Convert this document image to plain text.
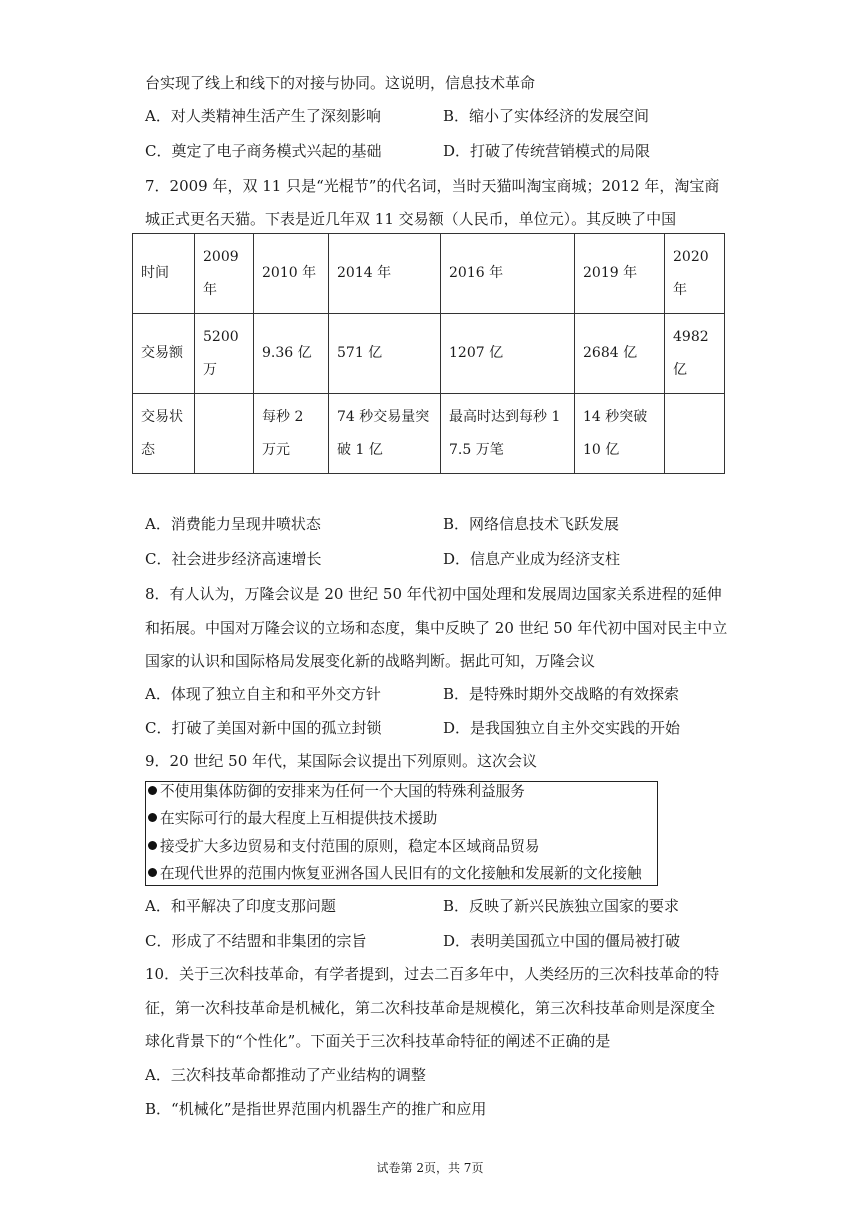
台实现了线上和线下的对接与协同。这说明，信息技术革命
A．对人类精神生活产生了深刻影响	B．缩小了实体经济的发展空间
C．奠定了电子商务模式兴起的基础	D．打破了传统营销模式的局限
7．2009 年，双 11 只是“光棍节”的代名词，当时天猫叫淘宝商城；2012 年，淘宝商
城正式更名天猫。下表是近几年双 11 交易额（人民币，单位元）。其反映了中国
时间	2009年	2010 年	2014 年	2016 年	2019 年	2020年
交易额	5200万	9.36 亿	571 亿	1207 亿	2684 亿	4982亿
交易状态		每秒 2 万元	74 秒交易量突破 1 亿	最高时达到每秒 17.5 万笔	14 秒突破 10 亿	
A．消费能力呈现井喷状态	B．网络信息技术飞跃发展
C．社会进步经济高速增长	D．信息产业成为经济支柱
8．有人认为，万隆会议是 20 世纪 50 年代初中国处理和发展周边国家关系进程的延伸
和拓展。中国对万隆会议的立场和态度，集中反映了 20 世纪 50 年代初中国对民主中立
国家的认识和国际格局发展变化新的战略判断。据此可知，万隆会议
A．体现了独立自主和和平外交方针	B．是特殊时期外交战略的有效探索
C．打破了美国对新中国的孤立封锁	D．是我国独立自主外交实践的开始
9．20 世纪 50 年代，某国际会议提出下列原则。这次会议
不使用集体防御的安排来为任何一个大国的特殊利益服务
在实际可行的最大程度上互相提供技术援助
接受扩大多边贸易和支付范围的原则，稳定本区域商品贸易
在现代世界的范围内恢复亚洲各国人民旧有的文化接触和发展新的文化接触
A．和平解决了印度支那问题	B．反映了新兴民族独立国家的要求
C．形成了不结盟和非集团的宗旨	D．表明美国孤立中国的僵局被打破
10．关于三次科技革命，有学者提到，过去二百多年中，人类经历的三次科技革命的特
征，第一次科技革命是机械化，第二次科技革命是规模化，第三次科技革命则是深度全
球化背景下的“个性化”。下面关于三次科技革命特征的阐述不正确的是
A．三次科技革命都推动了产业结构的调整
B．“机械化”是指世界范围内机器生产的推广和应用
试卷第 2页，共 7页
